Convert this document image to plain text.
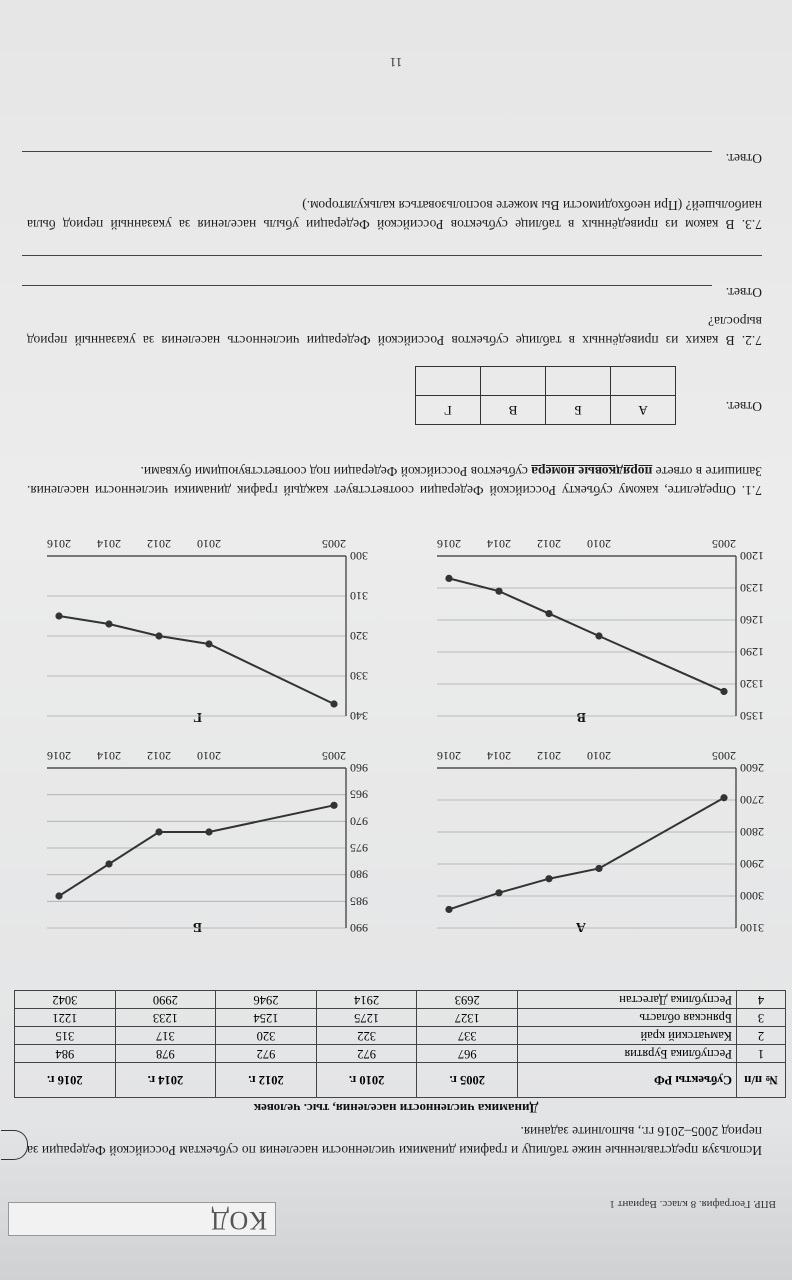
ВПР. География. 8 класс. Вариант 1
КОД
Используя представленные ниже таблицу и графики динамики численности населения по субъектам Российской Федерации за период 2005–2016 гг., выполните задания.
Динамика численности населения, тыс. человек
№ п/п	Субъекты РФ	2005 г.	2010 г.	2012 г.	2014 г.	2016 г.
1	Республика Бурятия	967	972	972	978	984
2	Камчатский край	337	322	320	317	315
3	Брянская область	1327	1275	1254	1233	1221
4	Республика Дагестан	2693	2914	2946	2990	3042
А
Б
В
Г
2600
2700
2800
2900
3000
3100
2005
2010
2012
2014
2016
960
965
970
975
980
985
990
2005
2010
2012
2014
2016
1200
1230
1260
1290
1320
1350
2005
2010
2012
2014
2016
300
310
320
330
340
2005
2010
2012
2014
2016
7.1. Определите, какому субъекту Российской Федерации соответствует каждый график динамики численности населения. Запишите в ответе порядковые номера субъектов Российской Федерации под соответствующими буквами.
Ответ.
А	Б	В	Г

7.2. В каких из приведённых в таблице субъектов Российской Федерации численность населения за указанный период выросла?
Ответ.
7.3. В каком из приведённых в таблице субъектов Российской Федерации убыль населения за указанный период была наибольшей? (При необходимости Вы можете воспользоваться калькулятором.)
Ответ.
11
